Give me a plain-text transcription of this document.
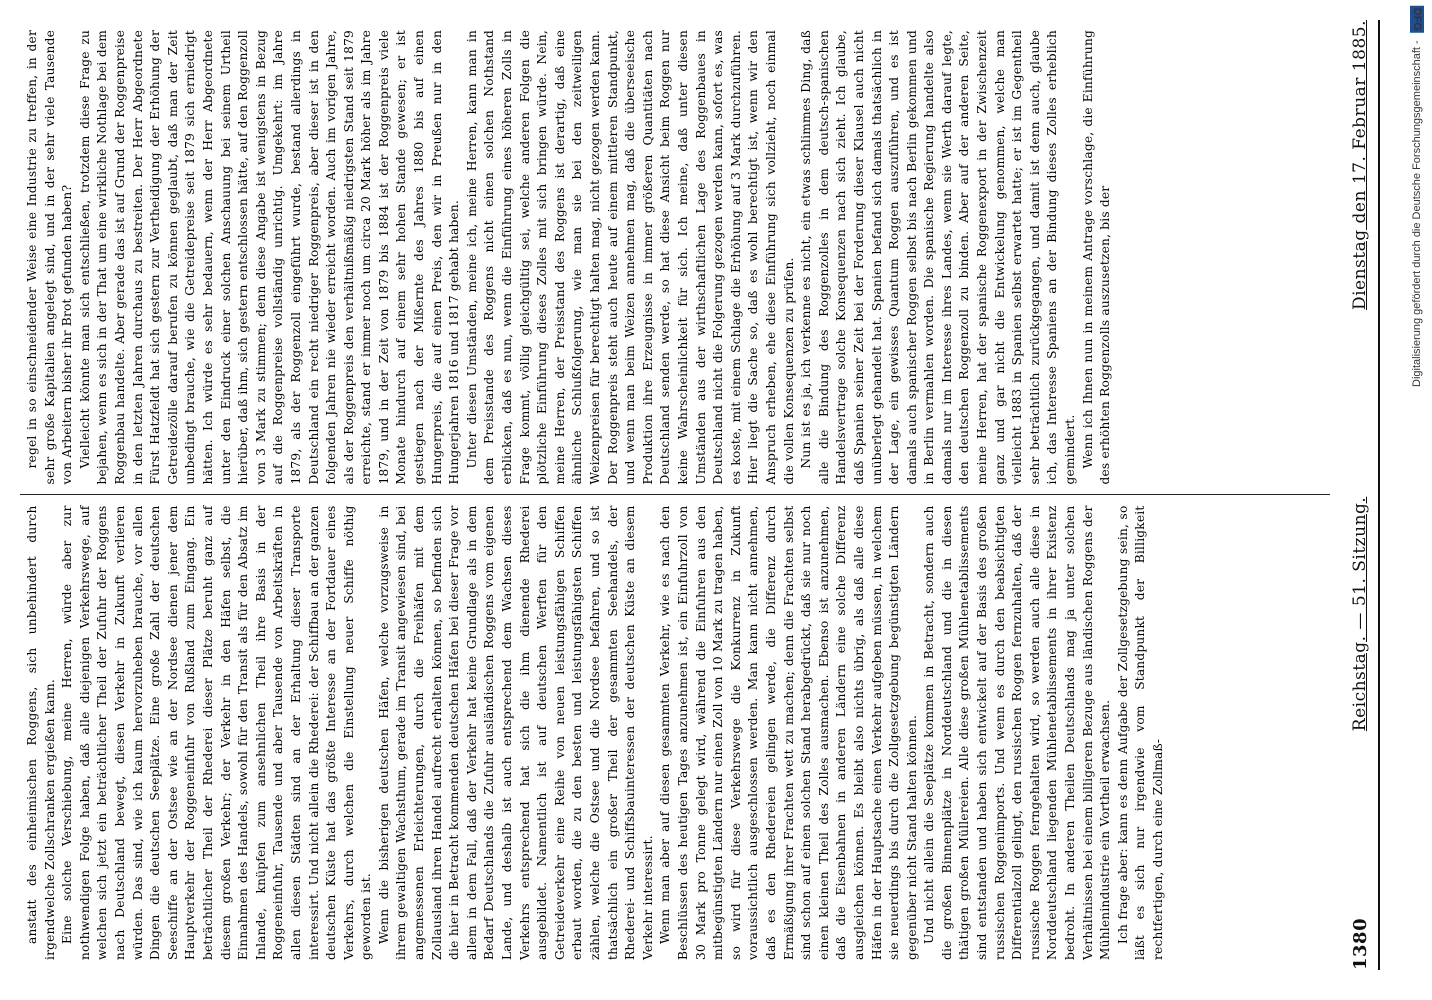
anstatt des einheimischen Roggens, sich unbehindert durch irgendwelche Zollschranken ergießen kann. Eine solche Verschiebung, meine Herren, würde aber zur nothwendigen Folge haben, daß alle diejenigen Verkehrswege, auf welchen sich jetzt ein beträchtlicher Theil der Zufuhr der Roggens nach Deutschland bewegt, diesen Verkehr in Zukunft verlieren würden. Das sind, wie ich kaum hervorzuheben brauche, vor allen Dingen die deutschen Seeplätze. Eine große Zahl der deutschen Seeschiffe an der Ostsee wie an der Nordsee dienen jener dem Hauptverkehr der Roggeneinfuhr von Rußland zum Eingang. Ein beträchtlicher Theil der Rhederei dieser Plätze beruht ganz auf diesem großen Verkehr; der Verkehr in den Häfen selbst, die Einnahmen des Handels, sowohl für den Transit als für den Absatz im Inlande, knüpfen zum ansehnlichen Theil ihre Basis in der Roggeneinfuhr, Tausende und aber Tausende von Arbeitskräften in allen diesen Städten sind an der Erhaltung dieser Transporte interessirt. Und nicht allein die Rhederei: der Schiffbau an der ganzen deutschen Küste hat das größte Interesse an der Fortdauer eines Verkehrs, durch welchen die Einstellung neuer Schiffe nöthig geworden ist. Wenn die bisherigen deutschen Häfen, welche vorzugsweise in ihrem gewaltigen Wachsthum, gerade im Transit angewiesen sind, bei angemessenen Erleichterungen, durch die Freihäfen mit dem Zollausland ihren Handel aufrecht erhalten können, so befinden sich die hier in Betracht kommenden deutschen Häfen bei dieser Frage vor allem in dem Fall, daß der Verkehr hat keine Grundlage als in dem Bedarf Deutschlands die Zufuhr ausländischen Roggens vom eigenen Lande, und deshalb ist auch entsprechend dem Wachsen dieses Verkehrs entsprechend hat sich die ihm dienende Rhederei ausgebildet. Namentlich ist auf deutschen Werften für den Getreideverkehr eine Reihe von neuen leistungsfähigen Schiffen erbaut worden, die zu den besten und leistungsfähigsten Schiffen zählen, welche die Ostsee und die Nordsee befahren, und so ist thatsächlich ein großer Theil der gesammten Seehandels, der Rhederei- und Schiffsbauinteressen der deutschen Küste an diesem Verkehr interessirt. Wenn man aber auf diesen gesammten Verkehr, wie es nach den Beschlüssen des heutigen Tages anzunehmen ist, ein Einfuhrzoll von 30 Mark pro Tonne gelegt wird, während die Einfuhren aus den mitbegünstigten Ländern nur einen Zoll von 10 Mark zu tragen haben, so wird für diese Verkehrswege die Konkurrenz in Zukunft voraussichtlich ausgeschlossen werden. Man kann nicht annehmen, daß es den Rhedereien gelingen werde, die Differenz durch Ermäßigung ihrer Frachten wett zu machen; denn die Frachten selbst sind schon auf einen solchen Stand herabgedrückt, daß sie nur noch einen kleinen Theil des Zolles ausmachen. Ebenso ist anzunehmen, daß die Eisenbahnen in anderen Ländern eine solche Differenz ausgleichen können. Es bleibt also nichts übrig, als daß alle diese Häfen in der Hauptsache einen Verkehr aufgeben müssen, in welchem sie neuerdings bis durch die Zollgesetzgebung begünstigten Ländern gegenüber nicht Stand halten können. Und nicht allein die Seeplätze kommen in Betracht, sondern auch die großen Binnenplätze in Norddeutschland und die in diesen thätigen großen Müllereien. Alle diese großen Mühlenetablissements sind entstanden und haben sich entwickelt auf der Basis des großen russischen Roggenimports. Und wenn es durch den beabsichtigten Differentialzoll gelingt, den russischen Roggen fernzuhalten, daß der russische Roggen ferngehalten wird, so werden auch alle diese in Norddeutschland liegenden Mühlenetablissements in ihrer Existenz bedroht. In anderen Theilen Deutschlands mag ja unter solchen Verhältnissen bei einem billigeren Bezuge aus ländischen Roggens der Mühlenindustrie ein Vortheil erwachsen. Ich frage aber: kann es denn Aufgabe der Zollgesetzgebung sein, so läßt es sich nur irgendwie vom Standpunkt der Billigkeit rechtfertigen, durch eine Zollmaß-

regel in so einschneidender Weise eine Industrie zu treffen, in der sehr große Kapitalien angelegt sind, und in der sehr viele Tausende von Arbeitern bisher ihr Brot gefunden haben? Vielleicht könnte man sich entschließen, trotzdem diese Frage zu bejahen, wenn es sich in der That um eine wirkliche Nothlage bei dem Roggenbau handelte. Aber gerade das ist auf Grund der Roggenpreise in den letzten Jahren durchaus zu bestreiten. Der Herr Abgeordnete Fürst Hatzfeldt hat sich gestern zur Vertheidigung der Erhöhung der Getreidezölle darauf berufen zu können geglaubt, daß man der Zeit unbedingt brauche, wie die Getreidepreise seit 1879 sich erniedrigt hätten. Ich würde es sehr bedauern, wenn der Herr Abgeordnete unter den Eindruck einer solchen Anschauung bei seinem Urtheil hierüber, daß ihm, sich gestern entschlossen hätte, auf den Roggenzoll von 3 Mark zu stimmen; denn diese Angabe ist wenigstens in Bezug auf die Roggenpreise vollständig unrichtig. Umgekehrt: im Jahre 1879, als der Roggenzoll eingeführt wurde, bestand allerdings in Deutschland ein recht niedriger Roggenpreis, aber dieser ist in den folgenden Jahren nie wieder erreicht worden. Auch im vorigen Jahre, als der Roggenpreis den verhältnißmäßig niedrigsten Stand seit 1879 erreichte, stand er immer noch um circa 20 Mark höher als im Jahre 1879, und in der Zeit von 1879 bis 1884 ist der Roggenpreis viele Monate hindurch auf einem sehr hohen Stande gewesen; er ist gestiegen nach der Mißernte des Jahres 1880 bis auf einen Hungerpreis, die auf einen Preis, den wir in Preußen nur in den Hungerjahren 1816 und 1817 gehabt haben. Unter diesen Umständen, meine ich, meine Herren, kann man in dem Preisstande des Roggens nicht einen solchen Nothstand erblicken, daß es nun, wenn die Einführung eines höheren Zolls in Frage kommt, völlig gleichgültig sei, welche anderen Folgen die plötzliche Einführung dieses Zolles mit sich bringen würde. Nein, meine Herren, der Preisstand des Roggens ist derartig, daß eine ähnliche Schlußfolgerung, wie man sie bei den zeitweiligen Weizenpreisen für berechtigt halten mag, nicht gezogen werden kann. Der Roggenpreis steht auch heute auf einem mittleren Standpunkt, und wenn man beim Weizen annehmen mag, daß die überseeische Produktion ihre Erzeugnisse in immer größeren Quantitäten nach Deutschland senden werde, so hat diese Ansicht beim Roggen nur keine Wahrscheinlichkeit für sich. Ich meine, daß unter diesen Umständen aus der wirthschaftlichen Lage des Roggenbaues in Deutschland nicht die Folgerung gezogen werden kann, sofort es, was es koste, mit einem Schlage die Erhöhung auf 3 Mark durchzuführen. Hier liegt die Sache so, daß es wohl berechtigt ist, wenn wir den Anspruch erheben, ehe diese Einführung sich vollzieht, noch einmal die vollen Konsequenzen zu prüfen. Nun ist es ja, ich verkenne es nicht, ein etwas schlimmes Ding, daß alle die Bindung des Roggenzolles in dem deutsch-spanischen Handelsvertrage solche Konsequenzen nach sich zieht. Ich glaube, daß Spanien seiner Zeit bei der Forderung dieser Klausel auch nicht unüberlegt gehandelt hat. Spanien befand sich damals thatsächlich in der Lage, ein gewisses Quantum Roggen auszuführen, und es ist damals auch spanischer Roggen selbst bis nach Berlin gekommen und in Berlin vermahlen worden. Die spanische Regierung handelte also damals nur im Interesse ihres Landes, wenn sie Werth darauf legte, den deutschen Roggenzoll zu binden. Aber auf der anderen Seite, meine Herren, hat der spanische Roggenexport in der Zwischenzeit ganz und gar nicht die Entwickelung genommen, welche man vielleicht 1883 in Spanien selbst erwartet hatte; er ist im Gegentheil sehr beträchtlich zurückgegangen, und damit ist denn auch, glaube ich, das Interesse Spaniens an der Bindung dieses Zolles erheblich gemindert. Wenn ich Ihnen nun in meinem Antrage vorschlage, die Einführung des erhöhten Roggenzolls auszusetzen, bis der

1380
Reichstag. — 51. Sitzung.
Dienstag den 17. Februar 1885.	Digitalisierung gefördert durch die Deutsche Forschungsgemeinschaft - DFG
